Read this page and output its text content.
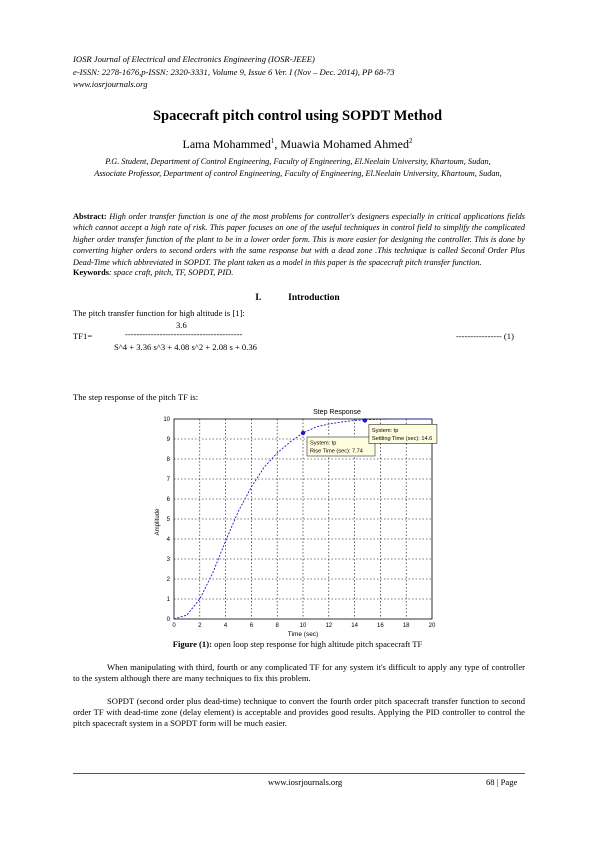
IOSR Journal of Electrical and Electronics Engineering (IOSR-JEEE)
e-ISSN: 2278-1676,p-ISSN: 2320-3331, Volume 9, Issue 6 Ver. I (Nov – Dec. 2014), PP 68-73
www.iosrjournals.org
Spacecraft pitch control using SOPDT Method
Lama Mohammed$^1$, Muawia Mohamed Ahmed$^2$
P.G. Student, Department of Control Engineering, Faculty of Engineering, El.Neelain University, Khartoum, Sudan,
Associate Professor, Department of control Engineering, Faculty of Engineering, El.Neelain University, Khartoum, Sudan,
Abstract: High order transfer function is one of the most problems for controller's designers especially in critical applications fields which cannot accept a high rate of risk. This paper focuses on one of the useful techniques in control field to simplify the complicated higher order transfer function of the plant to be in a lower order form. This is more easier for designing the controller. This is done by converting higher orders to second orders with the same response but with a dead zone .This technique is called Second Order Plus Dead-Time which abbreviated in SOPDT. The plant taken as a model in this paper is the spacecraft pitch transfer function.
Keywords: space craft, pitch, TF, SOPDT, PID.
I.	Introduction
The pitch transfer function for high altitude is [1]:
3.6
TF1=	-----------------------------------------	---------------- (1)
S^4 + 3.36 s^3 + 4.08 s^2 + 2.08 s + 0.36
The step response of the pitch TF is:
Step Response
Amplitude
Time (sec)
0	2	4	6	8	10	12	14	16	18	20
0
1
2
3
4
5
6
7
8
9
10
System: tp
Rise Time (sec): 7.74
System: tp
Settling Time (sec): 14.6
Figure (1): open loop step response for high altitude pitch spacecraft TF
When manipulating with third, fourth or any complicated TF for any system it's difficult to apply any type of controller to the system although there are many techniques to fix this problem.
SOPDT (second order plus dead-time) technique to convert the fourth order pitch spacecraft transfer function to second order TF with dead-time zone (delay element) is acceptable and provides good results. Applying the PID controller to control the pitch spacecraft system in a SOPDT form will be much easier.
www.iosrjournals.org	68 | Page
